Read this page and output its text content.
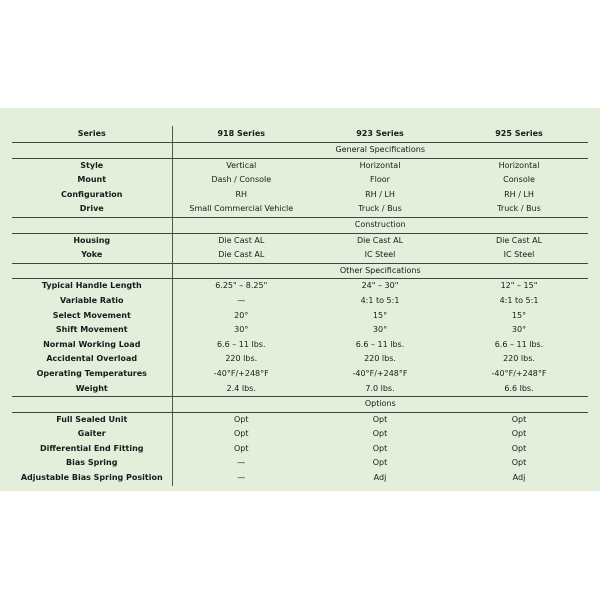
Series	918 Series	923 Series	925 Series
	General Specifications		
Style	Vertical	Horizontal	Horizontal
Mount	Dash / Console	Floor	Console
Configuration	RH	RH / LH	RH / LH
Drive	Small Commercial Vehicle	Truck / Bus	Truck / Bus
	Construction		
Housing	Die Cast AL	Die Cast AL	Die Cast AL
Yoke	Die Cast AL	IC Steel	IC Steel
	Other Specifications		
Typical Handle Length	6.25" – 8.25"	24" – 30"	12" – 15"
Variable Ratio	—	4:1 to 5:1	4:1 to 5:1
Select Movement	20°	15°	15°
Shift Movement	30°	30°	30°
Normal Working Load	6.6 – 11 lbs.	6.6 – 11 lbs.	6.6 – 11 lbs.
Accidental Overload	220 lbs.	220 lbs.	220 lbs.
Operating Temperatures	-40°F/+248°F	-40°F/+248°F	-40°F/+248°F
Weight	2.4 lbs.	7.0 lbs.	6.6 lbs.
	Options		
Full Sealed Unit	Opt	Opt	Opt
Gaiter	Opt	Opt	Opt
Differential End Fitting	Opt	Opt	Opt
Bias Spring	—	Opt	Opt
Adjustable Bias Spring Position	—	Adj	Adj
